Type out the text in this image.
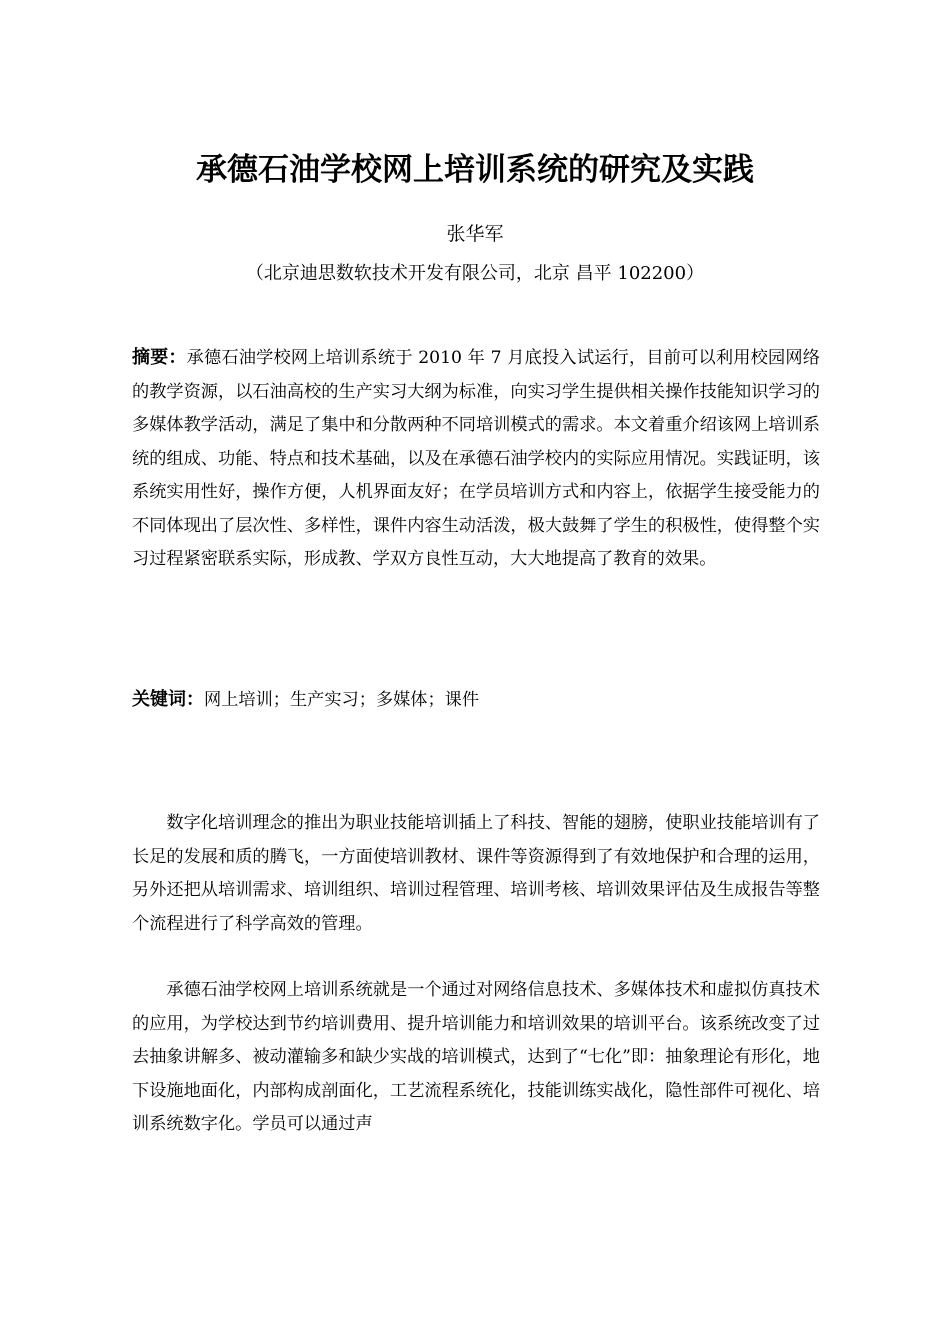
承德石油学校网上培训系统的研究及实践
张华军
（北京迪思数软技术开发有限公司，北京 昌平 102200）
摘要：承德石油学校网上培训系统于 2010 年 7 月底投入试运行，目前可以利用校园网络的教学资源，以石油高校的生产实习大纲为标准，向实习学生提供相关操作技能知识学习的多媒体教学活动，满足了集中和分散两种不同培训模式的需求。本文着重介绍该网上培训系统的组成、功能、特点和技术基础，以及在承德石油学校内的实际应用情况。实践证明，该系统实用性好，操作方便，人机界面友好；在学员培训方式和内容上，依据学生接受能力的不同体现出了层次性、多样性，课件内容生动活泼，极大鼓舞了学生的积极性，使得整个实习过程紧密联系实际，形成教、学双方良性互动，大大地提高了教育的效果。
关键词：网上培训；生产实习；多媒体；课件

数字化培训理念的推出为职业技能培训插上了科技、智能的翅膀，使职业技能培训有了长足的发展和质的腾飞，一方面使培训教材、课件等资源得到了有效地保护和合理的运用，另外还把从培训需求、培训组织、培训过程管理、培训考核、培训效果评估及生成报告等整个流程进行了科学高效的管理。

承德石油学校网上培训系统就是一个通过对网络信息技术、多媒体技术和虚拟仿真技术的应用，为学校达到节约培训费用、提升培训能力和培训效果的培训平台。该系统改变了过去抽象讲解多、被动灌输多和缺少实战的培训模式，达到了“七化”即：抽象理论有形化，地下设施地面化，内部构成剖面化，工艺流程系统化，技能训练实战化，隐性部件可视化、培训系统数字化。学员可以通过声
